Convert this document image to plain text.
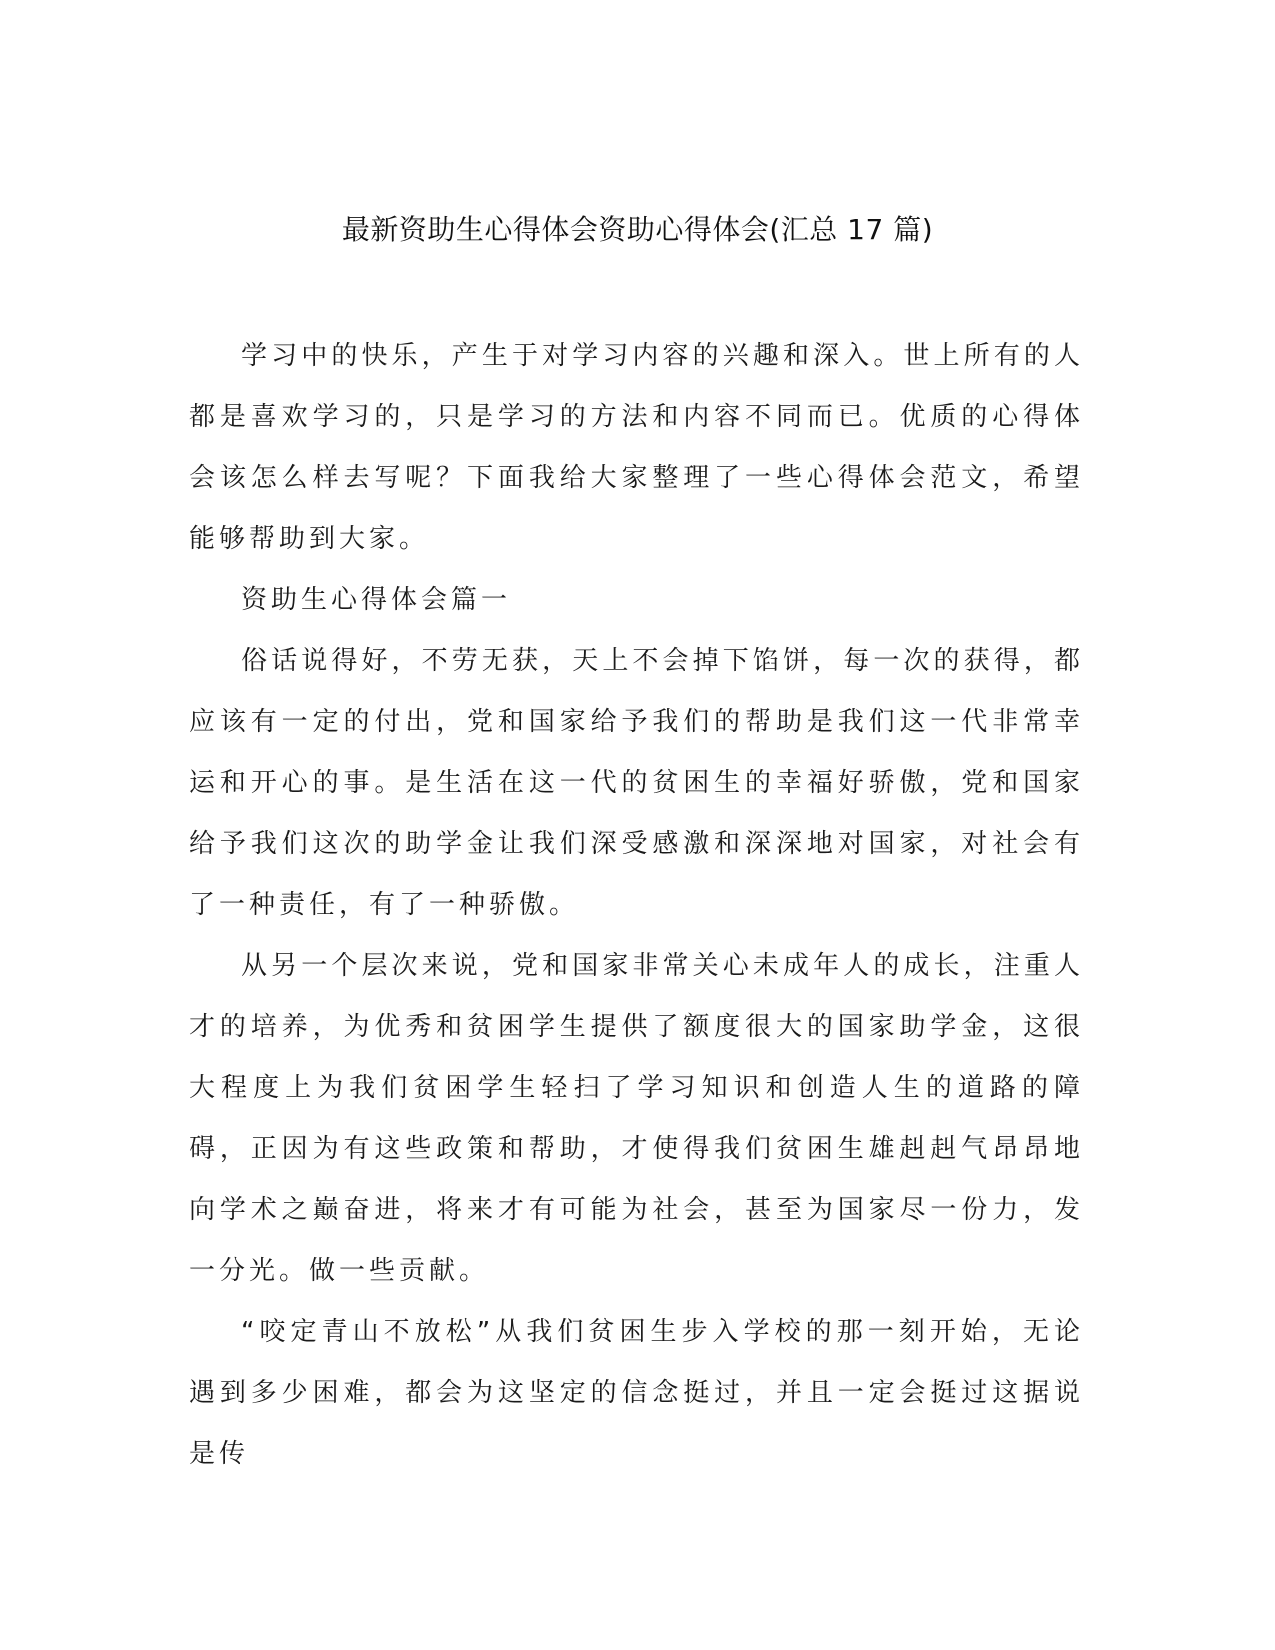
最新资助生心得体会资助心得体会(汇总 17 篇)

学习中的快乐，产生于对学习内容的兴趣和深入。世上所有的人都是喜欢学习的，只是学习的方法和内容不同而已。优质的心得体会该怎么样去写呢？下面我给大家整理了一些心得体会范文，希望能够帮助到大家。

资助生心得体会篇一

俗话说得好，不劳无获，天上不会掉下馅饼，每一次的获得，都应该有一定的付出，党和国家给予我们的帮助是我们这一代非常幸运和开心的事。是生活在这一代的贫困生的幸福好骄傲，党和国家给予我们这次的助学金让我们深受感激和深深地对国家，对社会有了一种责任，有了一种骄傲。

从另一个层次来说，党和国家非常关心未成年人的成长，注重人才的培养，为优秀和贫困学生提供了额度很大的国家助学金，这很大程度上为我们贫困学生轻扫了学习知识和创造人生的道路的障碍，正因为有这些政策和帮助，才使得我们贫困生雄赳赳气昂昂地向学术之巅奋进，将来才有可能为社会，甚至为国家尽一份力，发一分光。做一些贡献。

“咬定青山不放松”从我们贫困生步入学校的那一刻开始，无论遇到多少困难，都会为这坚定的信念挺过，并且一定会挺过这据说是传
